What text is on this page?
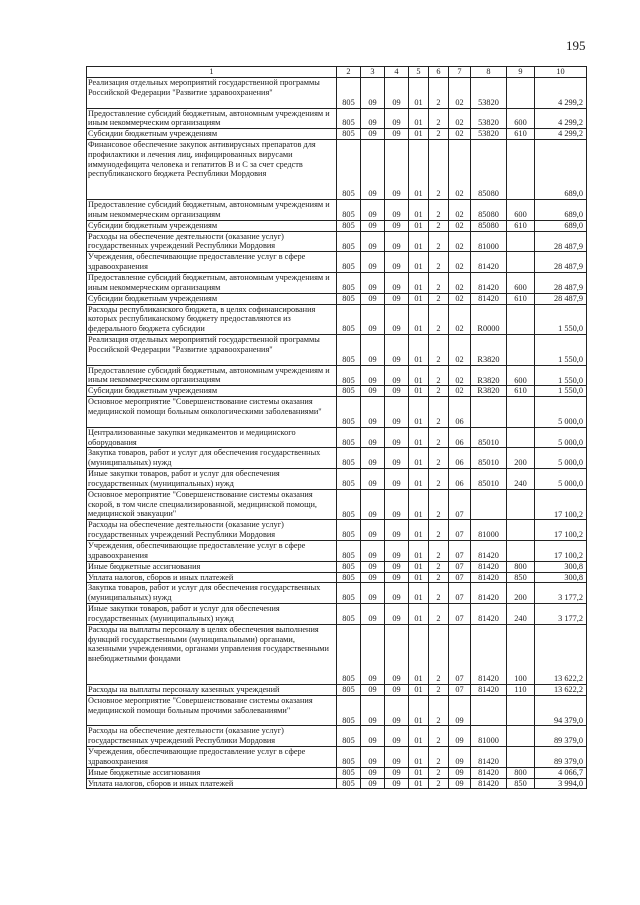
195
1	2	3	4	5	6	7	8	9	10
Реализация отдельных мероприятий государственной программы Российской Федерации "Развитие здравоохранения"	805	09	09	01	2	02	53820		4 299,2
Предоставление субсидий бюджетным, автономным учреждениям и иным некоммерческим организациям	805	09	09	01	2	02	53820	600	4 299,2
Субсидии бюджетным учреждениям	805	09	09	01	2	02	53820	610	4 299,2
Финансовое обеспечение закупок антивирусных препаратов для профилактики и лечения лиц, инфицированных вирусами иммунодефицита человека и гепатитов B и C за счет средств республиканского бюджета Республики Мордовия	805	09	09	01	2	02	85080		689,0
Предоставление субсидий бюджетным, автономным учреждениям и иным некоммерческим организациям	805	09	09	01	2	02	85080	600	689,0
Субсидии бюджетным учреждениям	805	09	09	01	2	02	85080	610	689,0
Расходы на обеспечение деятельности (оказание услуг) государственных учреждений Республики Мордовия	805	09	09	01	2	02	81000		28 487,9
Учреждения, обеспечивающие предоставление услуг в сфере здравоохранения	805	09	09	01	2	02	81420		28 487,9
Предоставление субсидий бюджетным, автономным учреждениям и иным некоммерческим организациям	805	09	09	01	2	02	81420	600	28 487,9
Субсидии бюджетным учреждениям	805	09	09	01	2	02	81420	610	28 487,9
Расходы республиканского бюджета, в целях софинансирования которых республиканскому бюджету предоставляются из федерального бюджета субсидии	805	09	09	01	2	02	R0000		1 550,0
Реализация отдельных мероприятий государственной программы Российской Федерации "Развитие здравоохранения"	805	09	09	01	2	02	R3820		1 550,0
Предоставление субсидий бюджетным, автономным учреждениям и иным некоммерческим организациям	805	09	09	01	2	02	R3820	600	1 550,0
Субсидии бюджетным учреждениям	805	09	09	01	2	02	R3820	610	1 550,0
Основное мероприятие "Совершенствование системы оказания медицинской помощи больным онкологическими заболеваниями"	805	09	09	01	2	06			5 000,0
Централизованные закупки медикаментов и медицинского оборудования	805	09	09	01	2	06	85010		5 000,0
Закупка товаров, работ и услуг для обеспечения государственных (муниципальных) нужд	805	09	09	01	2	06	85010	200	5 000,0
Иные закупки товаров, работ и услуг для обеспечения государственных (муниципальных) нужд	805	09	09	01	2	06	85010	240	5 000,0
Основное мероприятие "Совершенствование системы оказания скорой, в том числе специализированной, медицинской помощи, медицинской эвакуации"	805	09	09	01	2	07			17 100,2
Расходы на обеспечение деятельности (оказание услуг) государственных учреждений Республики Мордовия	805	09	09	01	2	07	81000		17 100,2
Учреждения, обеспечивающие предоставление услуг в сфере здравоохранения	805	09	09	01	2	07	81420		17 100,2
Иные бюджетные ассигнования	805	09	09	01	2	07	81420	800	300,8
Уплата налогов, сборов и иных платежей	805	09	09	01	2	07	81420	850	300,8
Закупка товаров, работ и услуг для обеспечения государственных (муниципальных) нужд	805	09	09	01	2	07	81420	200	3 177,2
Иные закупки товаров, работ и услуг для обеспечения государственных (муниципальных) нужд	805	09	09	01	2	07	81420	240	3 177,2
Расходы на выплаты персоналу в целях обеспечения выполнения функций государственными (муниципальными) органами, казенными учреждениями, органами управления государственными внебюджетными фондами	805	09	09	01	2	07	81420	100	13 622,2
Расходы на выплаты персоналу казенных учреждений	805	09	09	01	2	07	81420	110	13 622,2
Основное мероприятие "Совершенствование системы оказания медицинской помощи больным прочими заболеваниями"	805	09	09	01	2	09			94 379,0
Расходы на обеспечение деятельности (оказание услуг) государственных учреждений Республики Мордовия	805	09	09	01	2	09	81000		89 379,0
Учреждения, обеспечивающие предоставление услуг в сфере здравоохранения	805	09	09	01	2	09	81420		89 379,0
Иные бюджетные ассигнования	805	09	09	01	2	09	81420	800	4 066,7
Уплата налогов, сборов и иных платежей	805	09	09	01	2	09	81420	850	3 994,0
